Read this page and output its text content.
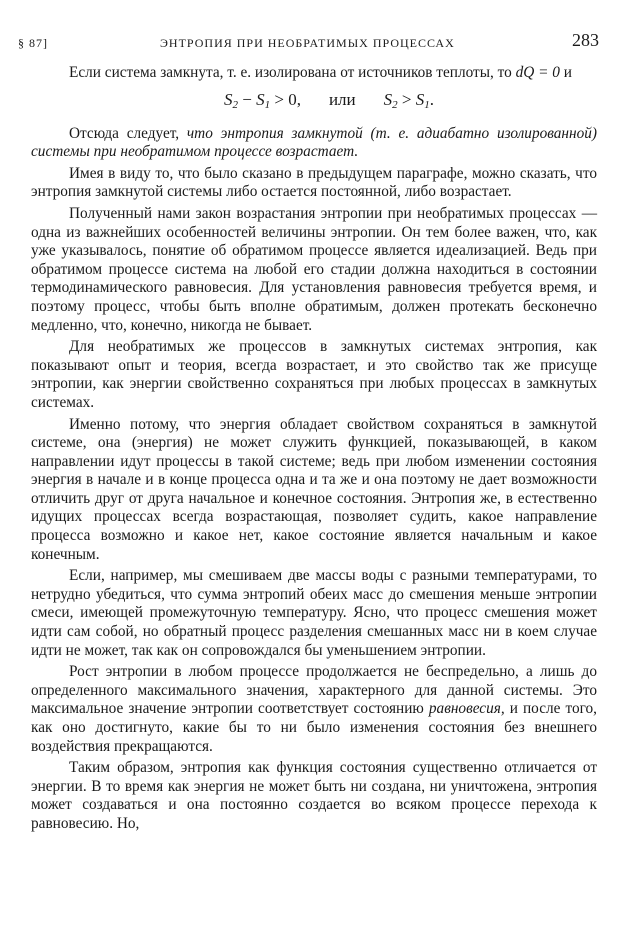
§ 87]	ЭНТРОПИЯ ПРИ НЕОБРАТИМЫХ ПРОЦЕССАХ	283

Если система замкнута, т. е. изолирована от источников теплоты, то dQ = 0 и

$S_2 - S_1 > 0$, или $S_2 > S_1$.

Отсюда следует, что энтропия замкнутой (т. е. адиабатно изолированной) системы при необратимом процессе возрастает.

Имея в виду то, что было сказано в предыдущем параграфе, можно сказать, что энтропия замкнутой системы либо остается постоянной, либо возрастает.

Полученный нами закон возрастания энтропии при необратимых процессах — одна из важнейших особенностей величины энтропии. Он тем более важен, что, как уже указывалось, понятие об обратимом процессе является идеализацией. Ведь при обратимом процессе система на любой его стадии должна находиться в состоянии термодинамического равновесия. Для установления равновесия требуется время, и поэтому процесс, чтобы быть вполне обратимым, должен протекать бесконечно медленно, что, конечно, никогда не бывает.

Для необратимых же процессов в замкнутых системах энтропия, как показывают опыт и теория, всегда возрастает, и это свойство так же присуще энтропии, как энергии свойственно сохраняться при любых процессах в замкнутых системах.

Именно потому, что энергия обладает свойством сохраняться в замкнутой системе, она (энергия) не может служить функцией, показывающей, в каком направлении идут процессы в такой системе; ведь при любом изменении состояния энергия в начале и в конце процесса одна и та же и она поэтому не дает возможности отличить друг от друга начальное и конечное состояния. Энтропия же, в естественно идущих процессах всегда возрастающая, позволяет судить, какое направление процесса возможно и какое нет, какое состояние является начальным и какое конечным.

Если, например, мы смешиваем две массы воды с разными температурами, то нетрудно убедиться, что сумма энтропий обеих масс до смешения меньше энтропии смеси, имеющей промежуточную температуру. Ясно, что процесс смешения может идти сам собой, но обратный процесс разделения смешанных масс ни в коем случае идти не может, так как он сопровождался бы уменьшением энтропии.

Рост энтропии в любом процессе продолжается не беспредельно, а лишь до определенного максимального значения, характерного для данной системы. Это максимальное значение энтропии соответствует состоянию равновесия, и после того, как оно достигнуто, какие бы то ни было изменения состояния без внешнего воздействия прекращаются.

Таким образом, энтропия как функция состояния существенно отличается от энергии. В то время как энергия не может быть ни создана, ни уничтожена, энтропия может создаваться и она постоянно создается во всяком процессе перехода к равновесию. Но,
